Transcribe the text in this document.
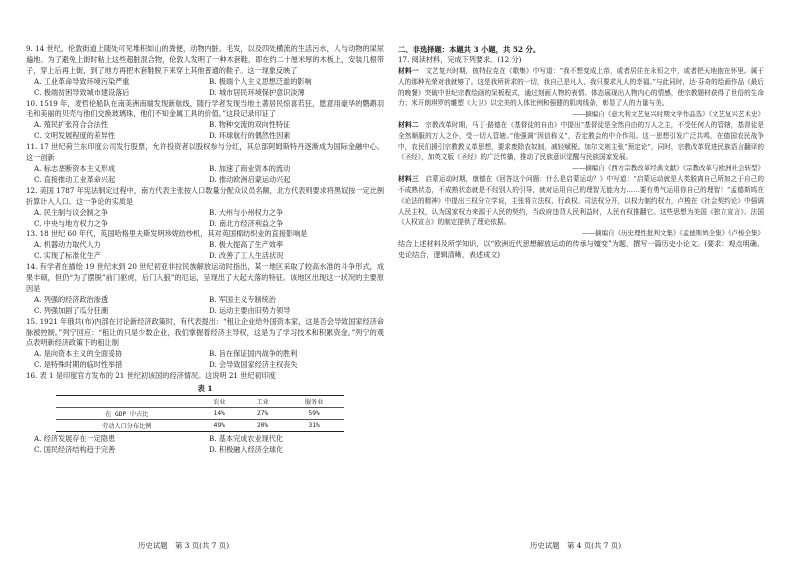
9. 14 世纪，伦敦街道上随处可见堆积如山的粪便，动物内脏、毛发，以及四处横流的生活污水，人与动物的屎尿遍地。为了避免上街时粘上这些超脏混合物，伦敦人发明了一种木套鞋，即在约二十厘米厚的木板上，安装几根带子，穿上后再上街，到了地方再把木套鞋脱下来穿上其他普通的鞋子。这一现象反映了

A. 工业革命导致环境污染严重	B. 极端个人主义思想泛滥的影响
C. 极端贫困导致城市建设落后	D. 城市居民环境保护意识淡薄

10. 1519 年，麦哲伦船队在南美洲南端发现新航线，随行学者发现当地土著居民惊喜若狂，愿意用豪华的鹦鹉羽毛和美丽的贝壳与他们交换玻璃珠，他们不知金属工具的价值。”这段记录印证了

A. 殖民扩张符合合法性	B. 物种交流的双向性特征
C. 文明发展程度的差异性	D. 环球航行的偶然性因素

11. 17 世纪荷兰东印度公司发行股票，允许投资者以股权参与分红，其总部阿姆斯特丹逐渐成为国际金融中心。这一创新

A. 标志垄断资本主义形成	B. 加速了商业资本的流动
C. 直接推动工业革命兴起	D. 推动欧洲启蒙运动兴起

12. 美国 1787 年宪法制定过程中，南方代表主张按人口数量分配众议员名额，北方代表则要求将黑奴按一定比例折算计入人口。这一争论的实质是

A. 民主制与议会制之争	B. 大州与小州权力之争
C. 中央与地方权力之争	D. 南北方经济利益之争

13. 18 世纪 60 年代，英国哈格里夫斯发明珍妮纺纱机，其对英国棉纺织业的直接影响是

A. 机器动力取代人力	B. 极大提高了生产效率
C. 实现了标准化生产	D. 改善了工人生活状况

14. 有学者在描绘 19 世纪末到 20 世纪初亚非拉民族解放运动时指出，某一地区采取了较高水准的斗争形式，成果丰硕，但仍“为了摆脱”前门驱虎，后门入狼”的厄运，呈现出了大起大落的特征。该地区出现这一状况的主要原因是

A. 列强的经济政治渗透	B. 军国主义专制统治
C. 列强加剧了瓜分狂潮	D. 运动主要由旧势力领导

15. 1921 年俄共(布)内部在讨论新经济政策时，有代表提出：“租让企业给外国资本家，这是否会导致国家经济命脉被控制。”列宁回应：“租让的只是少数企业，我们掌握着经济主导权，这是为了学习技术和积累资金。”列宁的观点表明新经济政策下的租让制

A. 是向资本主义的全面妥协	B. 旨在保证国内战争的胜利
C. 是特殊时期的临时性举措	D. 会导致国家经济主权丧失

16. 表 1 是印度官方发布的 21 世纪初该国的经济情况。这说明 21 世纪初印度

表 1
	农业	工业	服务业
在 GDP 中占比	14%	27%	59%
劳动人口分布比例	49%	20%	31%
A. 经济发展存在一定隐患	B. 基本完成农业现代化
C. 国民经济结构趋于完善	D. 积极融入经济全球化

二、非选择题：本题共 3 小题，共 52 分。

17. 阅读材料，完成下列要求。(12 分)

材料一　 文艺复兴时期，彼特拉克在《歌集》中写道：“我不想变成上帝，或者居住在永恒之中，或者把天地抱在怀里。属于人的那种光荣对我就够了。这是我所祈求的一切，我自己是凡人，我只要求凡人的幸福。”与此同时，达·芬奇的绘画作品《最后的晚餐》突破中世纪宗教绘画的呆板程式，通过刻画人物的表情、体态展现出人物内心的情感，使宗教题材获得了世俗的生命力；米开朗琪罗的雕塑《大卫》以完美的人体比例和强健的肌肉线条，彰显了人的力量与美。

——摘编自《意大利文艺复兴时期文学作品选》《文艺复兴艺术史》

材料二　 宗教改革时期，马丁·路德在《基督徒的自由》中提出“基督徒是全然自由的万人之主，不受任何人的管辖，基督徒是全然顺服的万人之仆，受一切人管辖。”他强调“因信称义”，否定教会的中介作用。这一思想引发广泛共鸣，在德国农民战争中，农民们援引宗教教义革思想，要求废除农奴制，减轻赋税。加尔文则主张“预定论”，同时，宗教改革促进民族语言翻译的《圣经》，加英文版《圣经》的广泛传播，推动了民族意识觉醒与民族国家发展。

——摘编自《西方宗教改革经典文献》《宗教改革与欧洲社会转型》

材料三　 启蒙运动时期，康德在《回答这个问题：什么是启蒙运动？》中写道：“启蒙运动就是人类脱离自己所加之于自己的不成熟状态，不成熟状态就是不经别人的引导，就对运用自己的理智无能为力……要有勇气运用你自己的理智！”孟德斯鸠在《论法的精神》中提出三权分立学说，主张将立法权、行政权、司法权分开，以权力制约权力，卢梭在《社会契约论》中强调人民主权，认为国家权力来源于人民的契约，当政府违背人民利益时，人民有权推翻它。这些思想为美国《独立宣言》、法国《人权宣言》的制定提供了理论依据。

——摘编自《历史理性批判文集》《孟德斯鸠全集》《卢梭全集》

结合上述材料及所学知识，以“欧洲近代思想解放运动的传承与嬗变”为题，撰写一篇历史小论文。(要求：观点明确、史论结合，逻辑清晰，表述成文)

历史试题　第 3 页(共 7 页)	历史试题　第 4 页(共 7 页)
